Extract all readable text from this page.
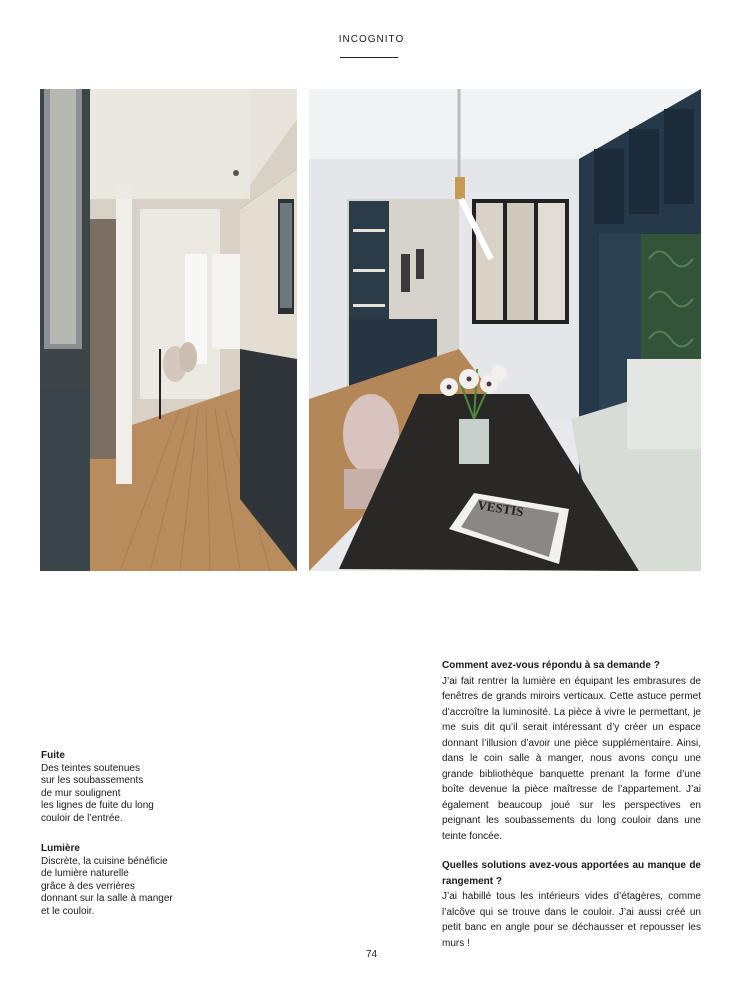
INCOGNITO
VESTIS
Fuite
Des teintes soutenues
sur les soubassements
de mur soulignent
les lignes de fuite du long
couloir de l’entrée.
Lumière
Discrète, la cuisine bénéficie
de lumière naturelle
grâce à des verrières
donnant sur la salle à manger
et le couloir.

Comment avez-vous répondu à sa demande ?

J’ai fait rentrer la lumière en équipant les embrasures de fenêtres de grands miroirs verticaux. Cette astuce permet d’accroître la luminosité. La pièce à vivre le permettant, je me suis dit qu’il serait intéressant d’y créer un espace donnant l’illusion d’avoir une pièce supplémentaire. Ainsi, dans le coin salle à manger, nous avons conçu une grande bibliothèque banquette prenant la forme d’une boîte devenue la pièce maîtresse de l’appartement. J’ai également beaucoup joué sur les perspectives en peignant les soubassements du long couloir dans une teinte foncée.

Quelles solutions avez-vous apportées au manque de rangement ?

J’ai habillé tous les intérieurs vides d’étagères, comme l’alcôve qui se trouve dans le couloir. J’ai aussi créé un petit banc en angle pour se déchausser et repousser les murs !

74
